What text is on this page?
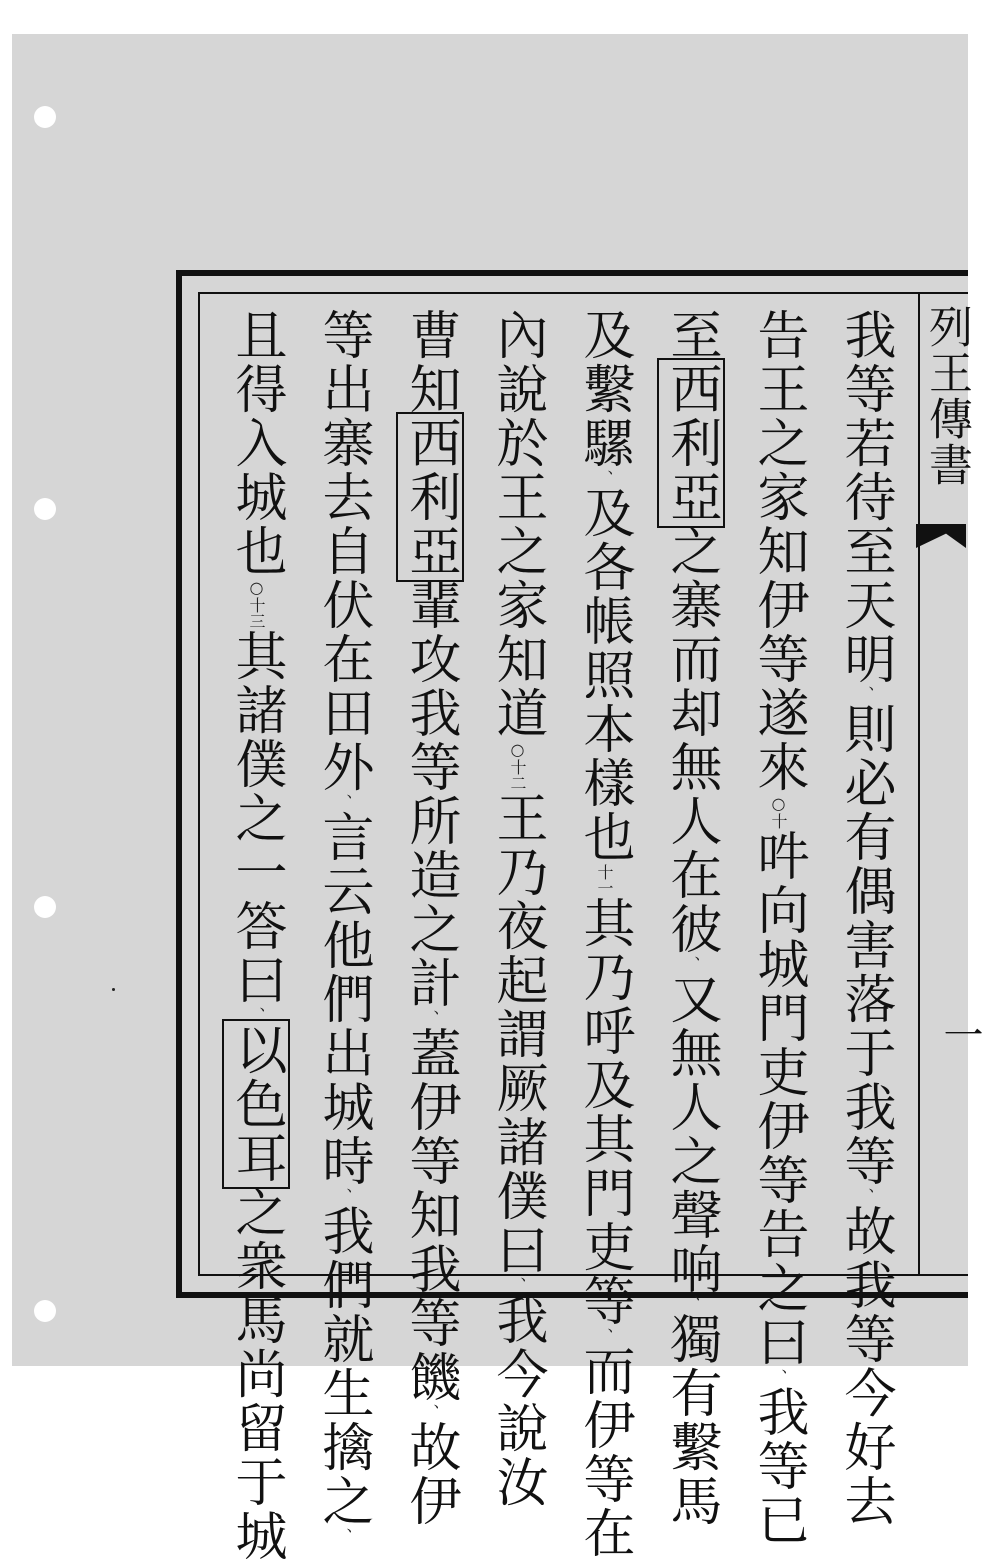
我等若待至天明、則必有偶害落于我等、故我等今好去
告王之家知伊等遂來○十吽向城門吏伊等告之曰、我等已
至西利亞之寨而却無人在彼、又無人之聲响、獨有繫馬
及繫騾、及各帳照本樣也十一其乃呼及其門吏等、而伊等在
內說於王之家知道○十二王乃夜起謂厥諸僕曰、我今說汝
曹知西利亞輩攻我等所造之計、蓋伊等知我等饑、故伊
等出寨去自伏在田外、言云他們出城時、我們就生擒之、
且得入城也○十三其諸僕之一答曰、以色耳之衆馬尚留于城
列王傳書
一
